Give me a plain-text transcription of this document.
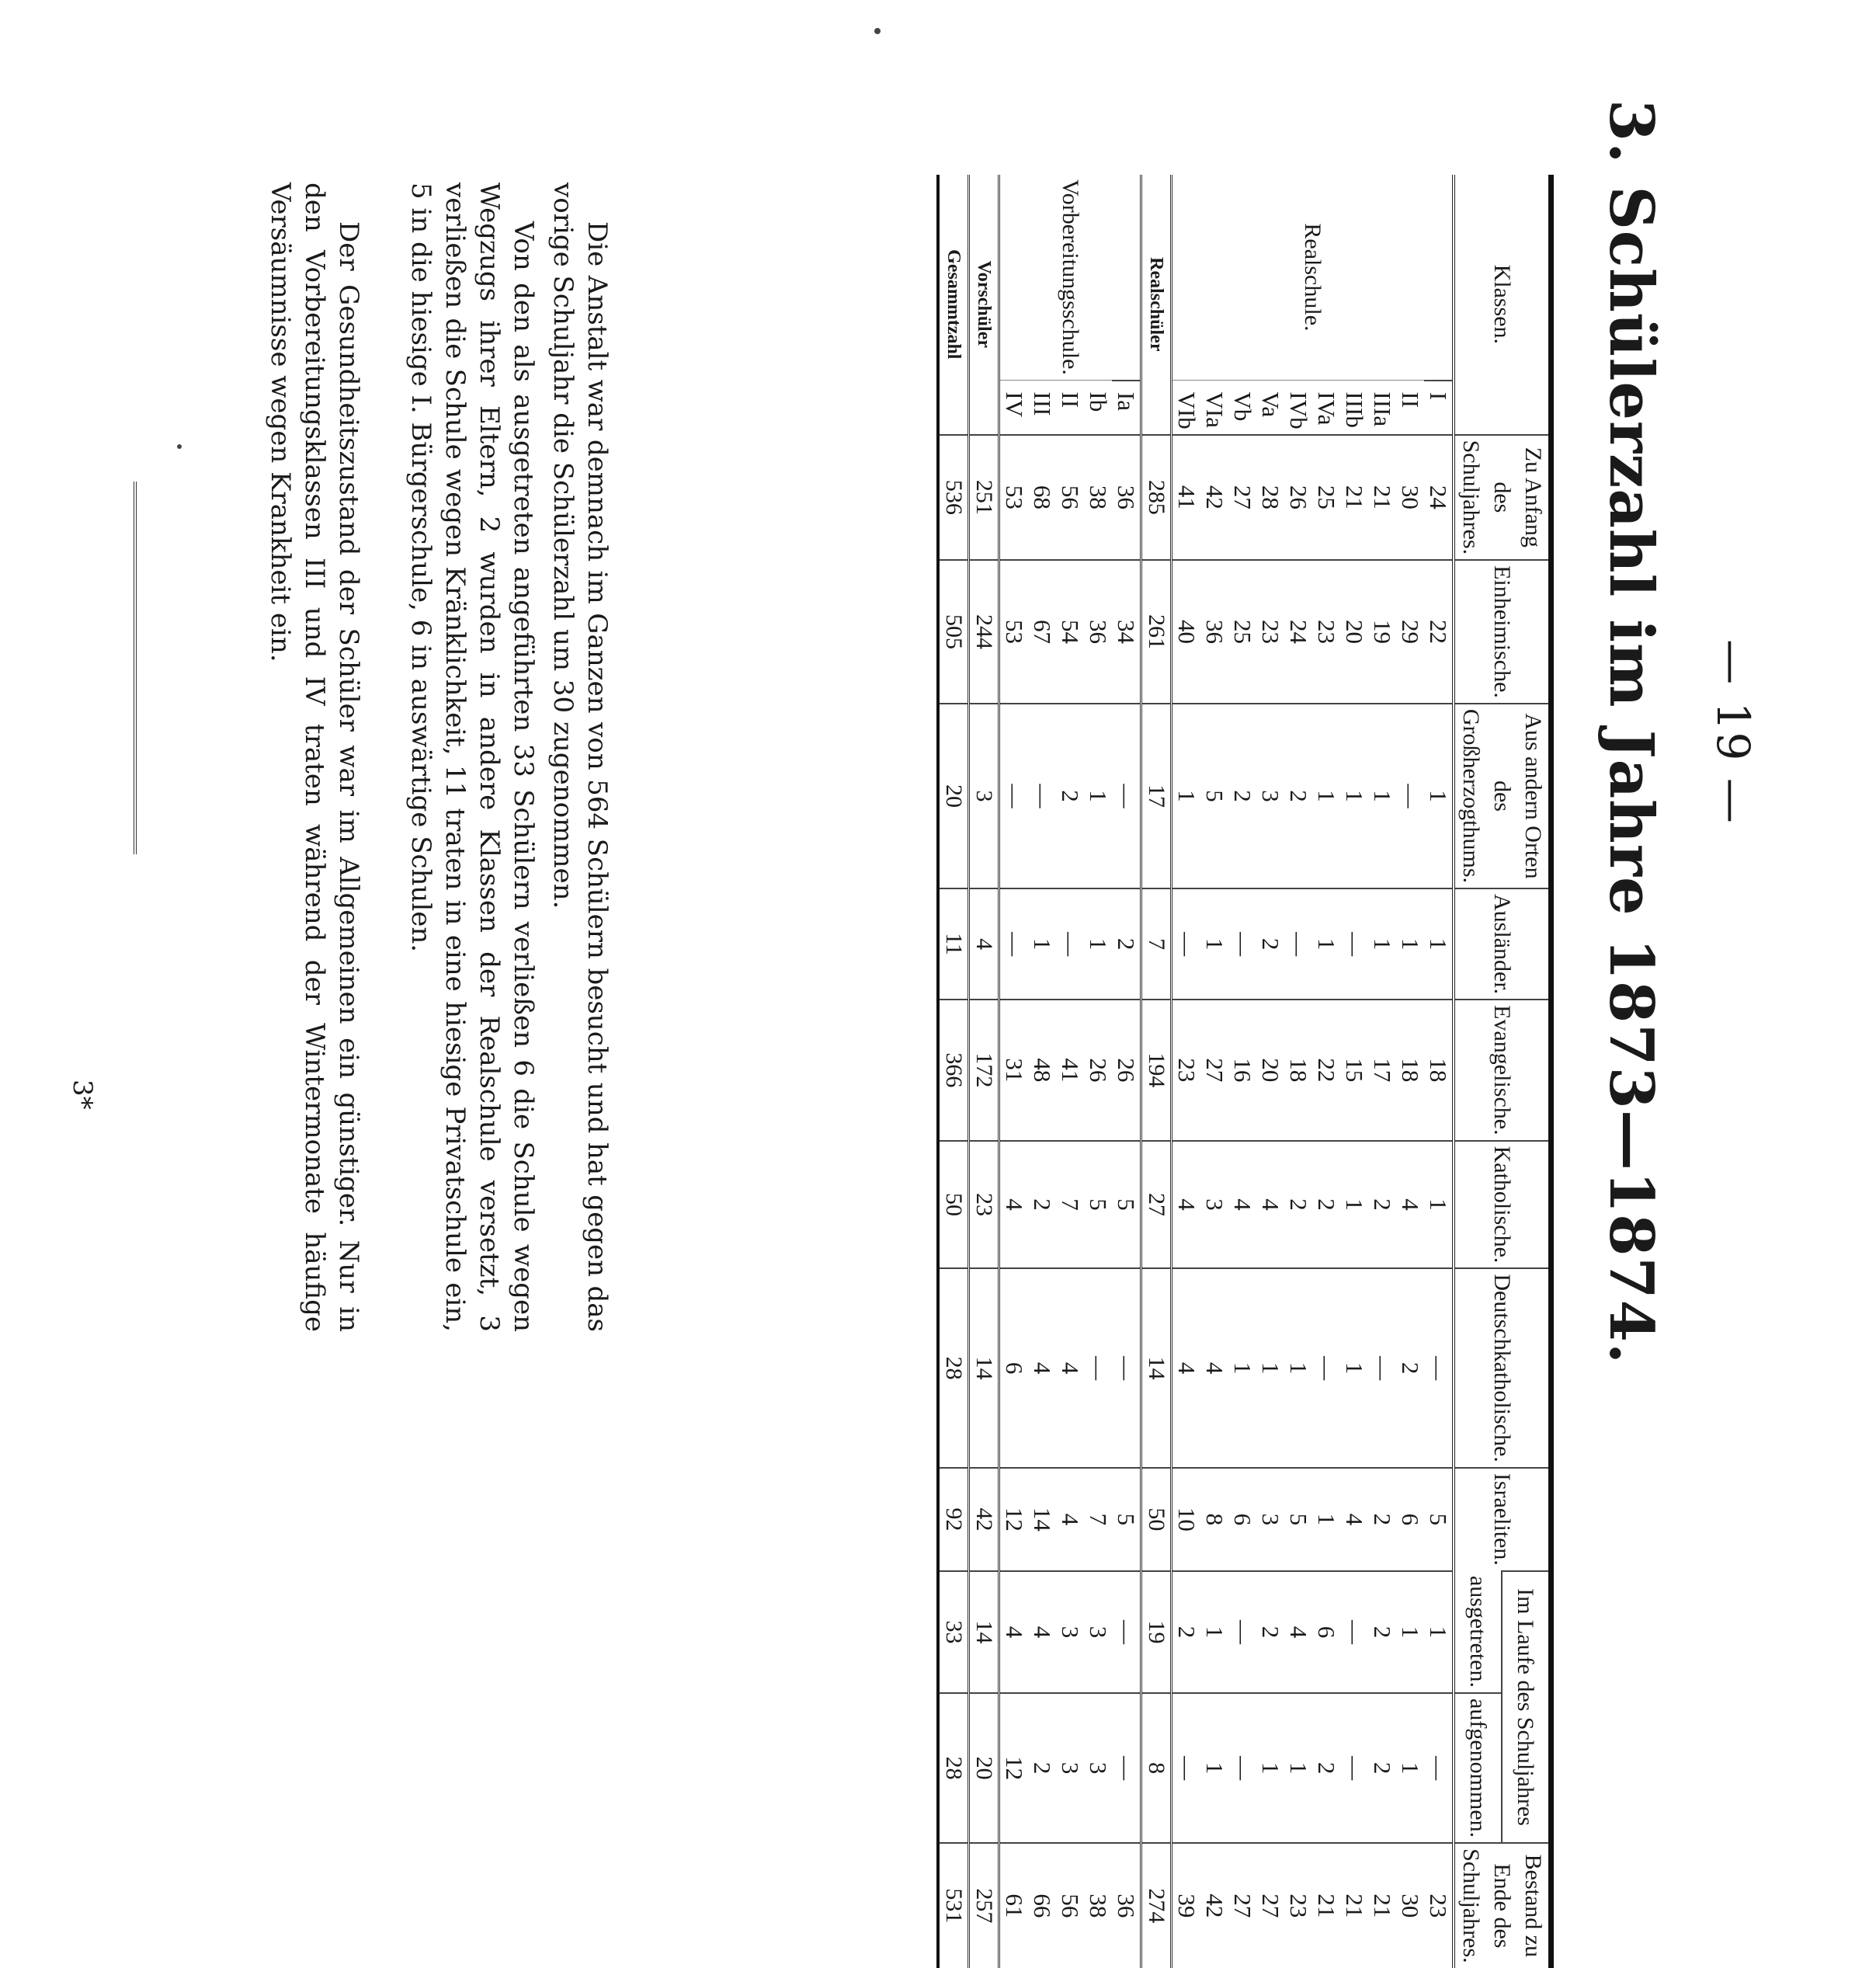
— 19 —
3. Schülerzahl im Jahre 1873—1874.
Klassen.		Zu Anfang des Schuljahres.	Einheimische.	Aus andern Orten des Großherzogthums.	Ausländer.	Evangelische.	Katholische.	Deutschkatholische.	Israeliten.	Im Laufe des Schuljahres		Bestand zu Ende des Schuljahres.
										ausgetreten.	aufgenommen.	
Realschule.	I	24	22	1	1	18	1	—	5	1	—	23
	II	30	29	—	1	18	4	2	6	1	1	30
	IIIa	21	19	1	1	17	2	—	2	2	2	21
	IIIb	21	20	1	—	15	1	1	4	—	—	21
	IVa	25	23	1	1	22	2	—	1	6	2	21
	IVb	26	24	2	—	18	2	1	5	4	1	23
	Va	28	23	3	2	20	4	1	3	2	1	27
	Vb	27	25	2	—	16	4	1	6	—	—	27
	VIa	42	36	5	1	27	3	4	8	1	1	42
	VIb	41	40	1	—	23	4	4	10	2	—	39
Realschüler		285	261	17	7	194	27	14	50	19	8	274
Vorbereitungsschule.	Ia	36	34	—	2	26	5	—	5	—	—	36
	Ib	38	36	1	1	26	5	—	7	3	3	38
	II	56	54	2	—	41	7	4	4	3	3	56
	III	68	67	—	1	48	2	4	14	4	2	66
	IV	53	53	—	—	31	4	6	12	4	12	61
Vorschüler		251	244	3	4	172	23	14	42	14	20	257
Gesammtzahl		536	505	20	11	366	50	28	92	33	28	531
Die Anstalt war demnach im Ganzen von 564 Schülern besucht und hat gegen das vorige Schuljahr die Schülerzahl um 30 zugenommen.
Von den als ausgetreten angeführten 33 Schülern verließen 6 die Schule wegen Wegzugs ihrer Eltern, 2 wurden in andere Klassen der Realschule versetzt, 3 verließen die Schule wegen Kränklichkeit, 11 traten in eine hiesige Privatschule ein, 5 in die hiesige I. Bürgerschule, 6 in auswärtige Schulen.
Der Gesundheitszustand der Schüler war im Allgemeinen ein günstiger. Nur in den Vorbereitungsklassen III und IV traten während der Wintermonate häufige Versäumnisse wegen Krankheit ein.
3*
